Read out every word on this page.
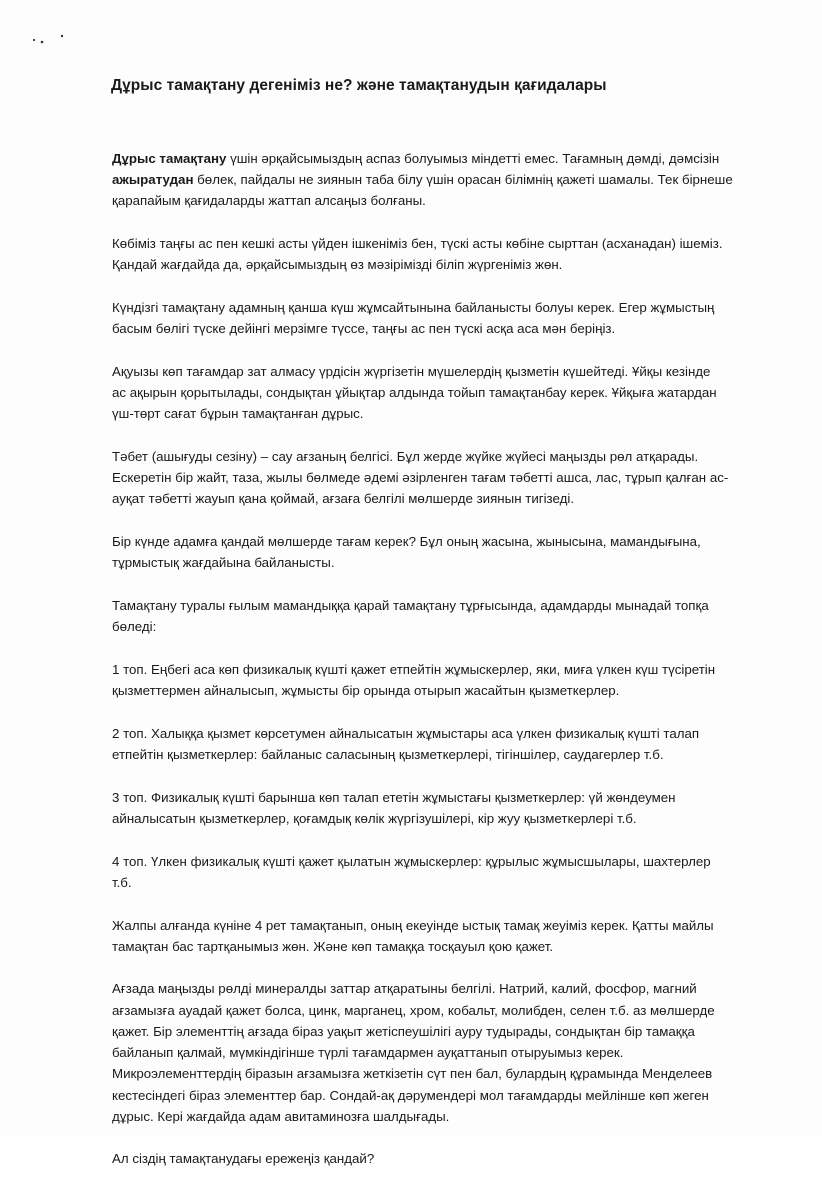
Дұрыс тамақтану дегеніміз не? және тамақтанудын қағидалары

Дұрыс тамақтану үшін әрқайсымыздың аспаз болуымыз міндетті емес. Тағамның дәмді, дәмсізін
ажыратудан бөлек, пайдалы не зиянын таба білу үшін орасан білімнің қажеті шамалы. Тек бірнеше
қарапайым қағидаларды жаттап алсаңыз болғаны.

Көбіміз таңғы ас пен кешкі асты үйден ішкеніміз бен, түскі асты көбіне сырттан (асханадан) ішеміз.
Қандай жағдайда да, әрқайсымыздың өз мәзірімізді біліп жүргеніміз жөн.

Күндізгі тамақтану адамның қанша күш жұмсайтынына байланысты болуы керек. Егер жұмыстың
басым бөлігі түске дейінгі мерзімге түссе, таңғы ас пен түскі асқа аса мән беріңіз.

Ақуызы көп тағамдар зат алмасу үрдісін жүргізетін мүшелердің қызметін күшейтеді. Ұйқы кезінде
ас ақырын қорытылады, сондықтан ұйықтар алдында тойып тамақтанбау керек. Ұйқыға жатардан
үш-төрт сағат бұрын тамақтанған дұрыс.

Тәбет (ашығуды сезіну) – сау ағзаның белгісі. Бұл жерде жүйке жүйесі маңызды рөл атқарады.
Ескеретін бір жайт, таза, жылы бөлмеде әдемі әзірленген тағам тәбетті ашса, лас, тұрып қалған ас-
ауқат тәбетті жауып қана қоймай, ағзаға белгілі мөлшерде зиянын тигізеді.

Бір күнде адамға қандай мөлшерде тағам керек? Бұл оның жасына, жынысына, мамандығына,
тұрмыстық жағдайына байланысты.

Тамақтану туралы ғылым мамандыққа қарай тамақтану тұрғысында, адамдарды мынадай топқа
бөледі:

1 топ. Еңбегі аса көп физикалық күшті қажет етпейтін жұмыскерлер, яки, миға үлкен күш түсіретін
қызметтермен айналысып, жұмысты бір орында отырып жасайтын қызметкерлер.

2 топ. Халыққа қызмет көрсетумен айналысатын жұмыстары аса үлкен физикалық күшті талап
етпейтін қызметкерлер: байланыс саласының қызметкерлері, тігіншілер, саудагерлер т.б.

3 топ. Физикалық күшті барынша көп талап ететін жұмыстағы қызметкерлер: үй жөндеумен
айналысатын қызметкерлер, қоғамдық көлік жүргізушілері, кір жуу қызметкерлері т.б.

4 топ. Үлкен физикалық күшті қажет қылатын жұмыскерлер: құрылыс жұмысшылары, шахтерлер
т.б.

Жалпы алғанда күніне 4 рет тамақтанып, оның екеуінде ыстық тамақ жеуіміз керек. Қатты майлы
тамақтан бас тартқанымыз жөн. Және көп тамаққа тосқауыл қою қажет.

Ағзада маңызды рөлді минералды заттар атқаратыны белгілі. Натрий, калий, фосфор, магний
ағзамызға ауадай қажет болса, цинк, марганец, хром, кобальт, молибден, селен т.б. аз мөлшерде
қажет. Бір элементтің ағзада біраз уақыт жетіспеушілігі ауру тудырады, сондықтан бір тамаққа
байланып қалмай, мүмкіндігінше түрлі тағамдармен ауқаттанып отыруымыз керек.
Микроэлементтердің біразын ағзамызға жеткізетін сүт пен бал, булардың құрамында Менделеев
кестесіндегі біраз элементтер бар. Сондай-ақ дәрумендері мол тағамдарды мейлінше көп жеген
дұрыс. Кері жағдайда адам авитаминозға шалдығады.

Ал сіздің тамақтанудағы ережеңіз қандай?
